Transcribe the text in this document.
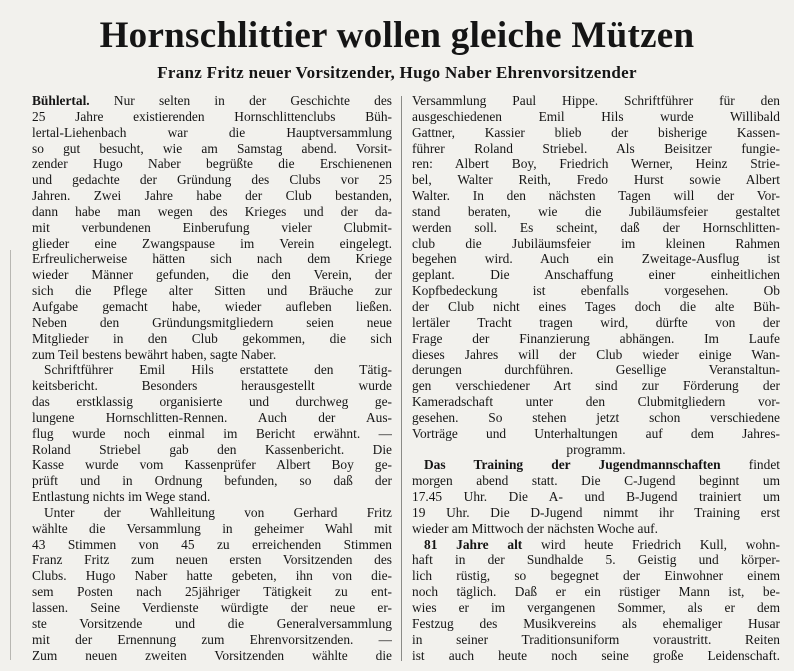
Hornschlittier wollen gleiche Mützen
Franz Fritz neuer Vorsitzender, Hugo Naber Ehrenvorsitzender
Bühlertal. Nur selten in der Geschichte des
25 Jahre existierenden Hornschlittenclubs Büh-
lertal-Liehenbach war die Hauptversammlung
so gut besucht, wie am Samstag abend. Vorsit-
zender Hugo Naber begrüßte die Erschienenen
und gedachte der Gründung des Clubs vor 25
Jahren. Zwei Jahre habe der Club bestanden,
dann habe man wegen des Krieges und der da-
mit verbundenen Einberufung vieler Clubmit-
glieder eine Zwangspause im Verein eingelegt.
Erfreulicherweise hätten sich nach dem Kriege
wieder Männer gefunden, die den Verein, der
sich die Pflege alter Sitten und Bräuche zur
Aufgabe gemacht habe, wieder aufleben ließen.
Neben den Gründungsmitgliedern seien neue
Mitglieder in den Club gekommen, die sich
zum Teil bestens bewährt haben, sagte Naber.
Schriftführer Emil Hils erstattete den Tätig-
keitsbericht. Besonders herausgestellt wurde
das erstklassig organisierte und durchweg ge-
lungene Hornschlitten-Rennen. Auch der Aus-
flug wurde noch einmal im Bericht erwähnt. —
Roland Striebel gab den Kassenbericht. Die
Kasse wurde vom Kassenprüfer Albert Boy ge-
prüft und in Ordnung befunden, so daß der
Entlastung nichts im Wege stand.
Unter der Wahlleitung von Gerhard Fritz
wählte die Versammlung in geheimer Wahl mit
43 Stimmen von 45 zu erreichenden Stimmen
Franz Fritz zum neuen ersten Vorsitzenden des
Clubs. Hugo Naber hatte gebeten, ihn von die-
sem Posten nach 25jähriger Tätigkeit zu ent-
lassen. Seine Verdienste würdigte der neue er-
ste Vorsitzende und die Generalversammlung
mit der Ernennung zum Ehrenvorsitzenden. —
Zum neuen zweiten Vorsitzenden wählte die
Versammlung Paul Hippe. Schriftführer für den
ausgeschiedenen Emil Hils wurde Willibald
Gattner, Kassier blieb der bisherige Kassen-
führer Roland Striebel. Als Beisitzer fungie-
ren: Albert Boy, Friedrich Werner, Heinz Strie-
bel, Walter Reith, Fredo Hurst sowie Albert
Walter. In den nächsten Tagen will der Vor-
stand beraten, wie die Jubiläumsfeier gestaltet
werden soll. Es scheint, daß der Hornschlitten-
club die Jubiläumsfeier im kleinen Rahmen
begehen wird. Auch ein Zweitage-Ausflug ist
geplant. Die Anschaffung einer einheitlichen
Kopfbedeckung ist ebenfalls vorgesehen. Ob
der Club nicht eines Tages doch die alte Büh-
lertäler Tracht tragen wird, dürfte von der
Frage der Finanzierung abhängen. Im Laufe
dieses Jahres will der Club wieder einige Wan-
derungen durchführen. Gesellige Veranstaltun-
gen verschiedener Art sind zur Förderung der
Kameradschaft unter den Clubmitgliedern vor-
gesehen. So stehen jetzt schon verschiedene
Vorträge und Unterhaltungen auf dem Jahres-
programm.
Das Training der Jugendmannschaften findet
morgen abend statt. Die C-Jugend beginnt um
17.45 Uhr. Die A- und B-Jugend trainiert um
19 Uhr. Die D-Jugend nimmt ihr Training erst
wieder am Mittwoch der nächsten Woche auf.
81 Jahre alt wird heute Friedrich Kull, wohn-
haft in der Sundhalde 5. Geistig und körper-
lich rüstig, so begegnet der Einwohner einem
noch täglich. Daß er ein rüstiger Mann ist, be-
wies er im vergangenen Sommer, als er dem
Festzug des Musikvereins als ehemaliger Husar
in seiner Traditionsuniform voraustritt. Reiten
ist auch heute noch seine große Leidenschaft.
